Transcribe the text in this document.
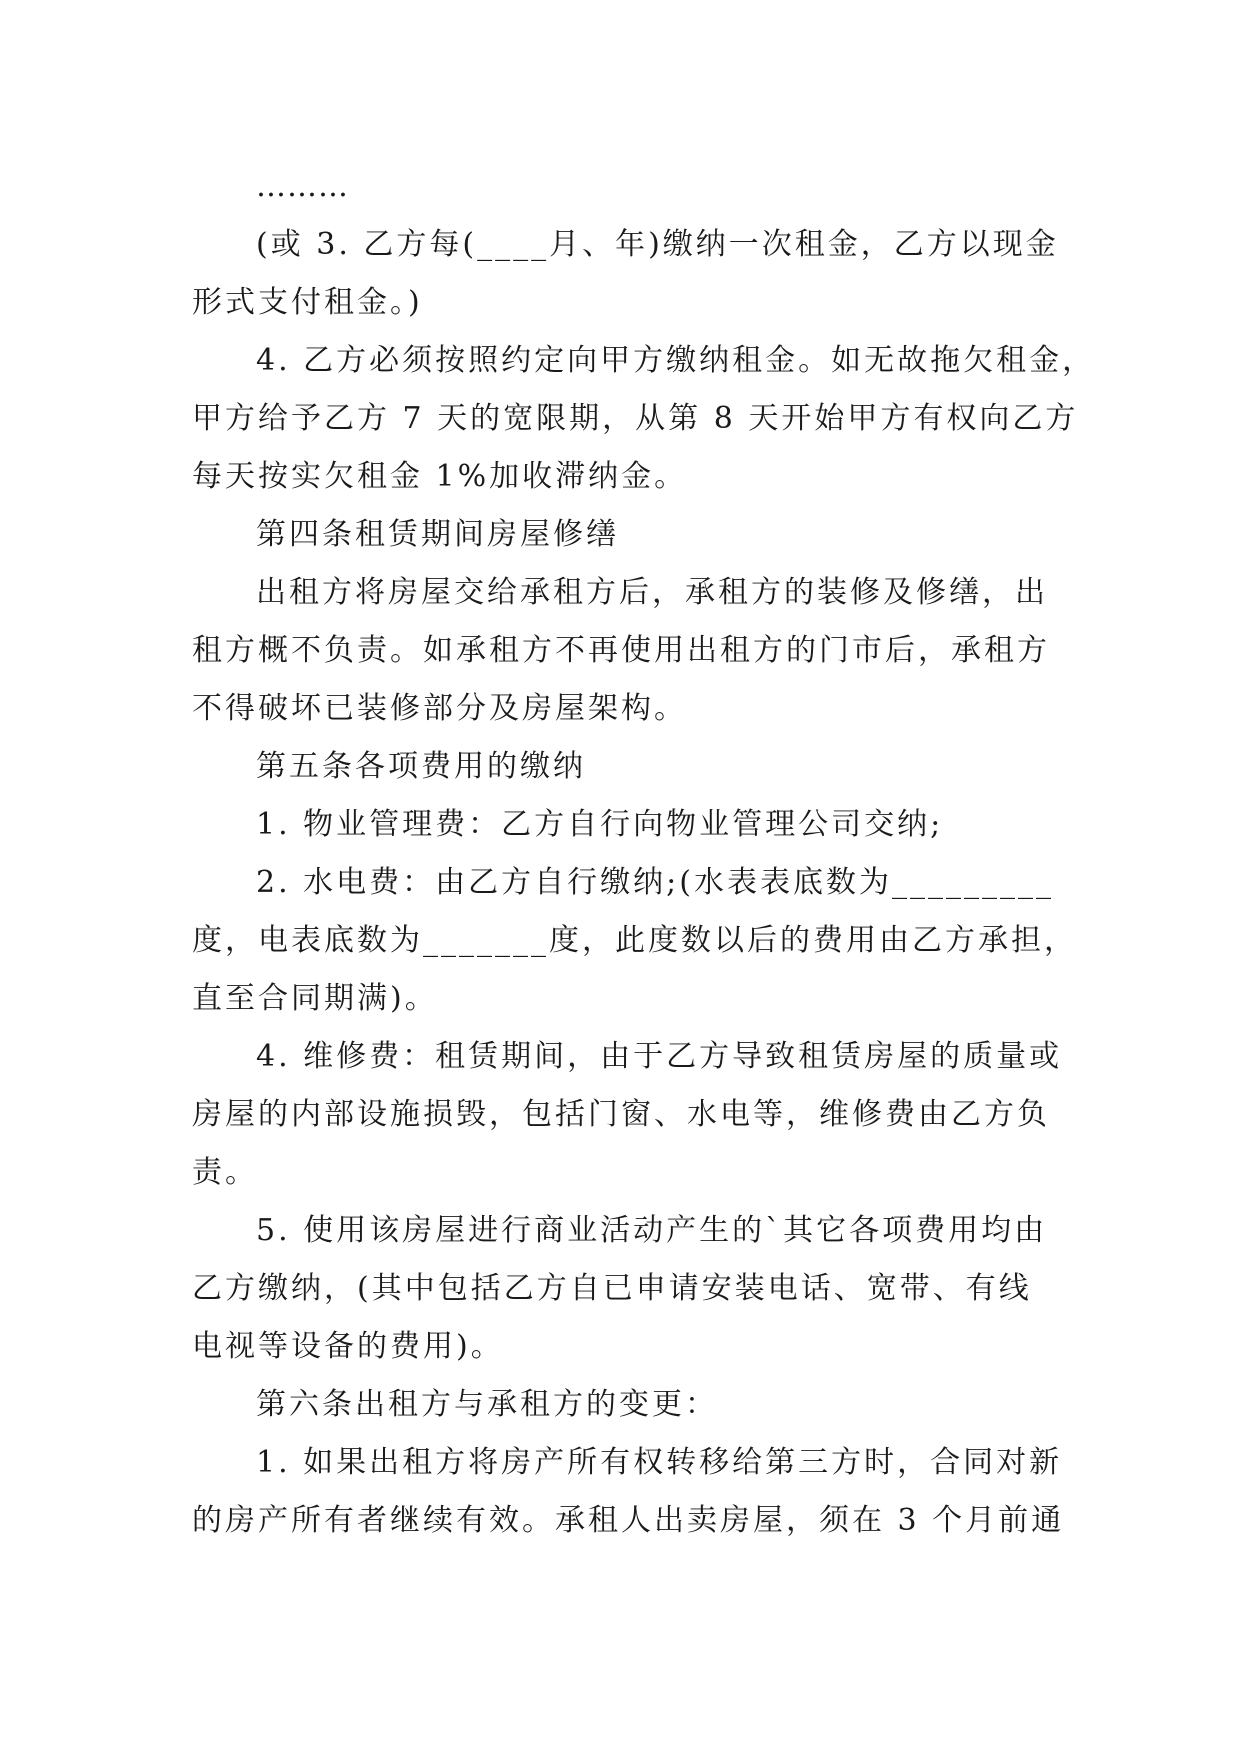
………
(或 3. 乙方每(____月、年)缴纳一次租金，乙方以现金
形式支付租金。)
4. 乙方必须按照约定向甲方缴纳租金。如无故拖欠租金，
甲方给予乙方 7 天的宽限期，从第 8 天开始甲方有权向乙方
每天按实欠租金 1%加收滞纳金。
第四条租赁期间房屋修缮
出租方将房屋交给承租方后，承租方的装修及修缮，出
租方概不负责。如承租方不再使用出租方的门市后，承租方
不得破坏已装修部分及房屋架构。
第五条各项费用的缴纳
1. 物业管理费：乙方自行向物业管理公司交纳;
2. 水电费：由乙方自行缴纳;(水表表底数为_________
度，电表底数为_______度，此度数以后的费用由乙方承担，
直至合同期满)。
4. 维修费：租赁期间，由于乙方导致租赁房屋的质量或
房屋的内部设施损毁，包括门窗、水电等，维修费由乙方负
责。
5. 使用该房屋进行商业活动产生的`其它各项费用均由
乙方缴纳，(其中包括乙方自已申请安装电话、宽带、有线
电视等设备的费用)。
第六条出租方与承租方的变更：
1. 如果出租方将房产所有权转移给第三方时，合同对新
的房产所有者继续有效。承租人出卖房屋，须在 3 个月前通
